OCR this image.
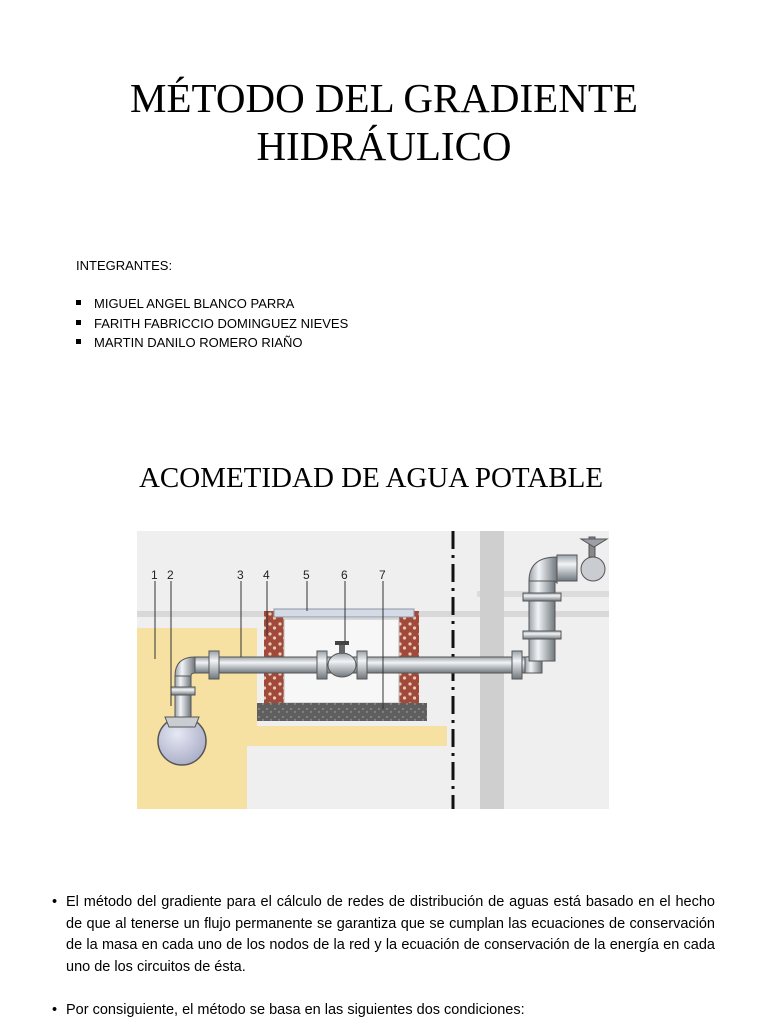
MÉTODO DEL GRADIENTE
HIDRÁULICO
INTEGRANTES:
MIGUEL ANGEL BLANCO PARRA
FARITH FABRICCIO DOMINGUEZ NIEVES
MARTIN DANILO ROMERO RIAÑO
ACOMETIDAD DE AGUA POTABLE
1 2	3 4	5	6	7
• El método del gradiente para el cálculo de redes de distribución de aguas está basado en el hecho de que al tenerse un flujo permanente se garantiza que se cumplan las ecuaciones de conservación de la masa en cada uno de los nodos de la red y la ecuación de conservación de la energía en cada uno de los circuitos de ésta.
• Por consiguiente, el método se basa en las siguientes dos condiciones:
